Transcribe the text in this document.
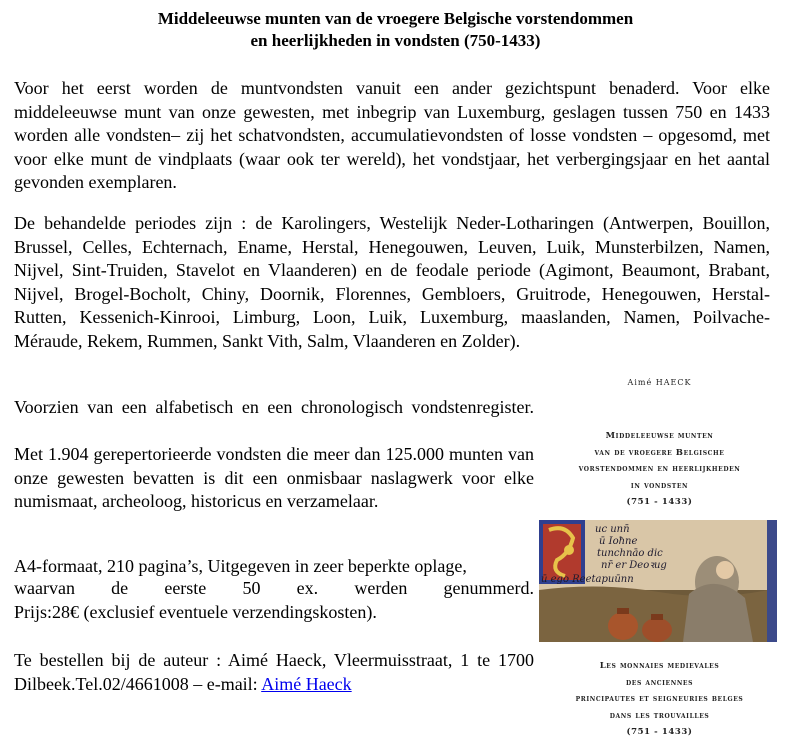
Middeleeuwse munten van de vroegere Belgische vorstendommen
en heerlijkheden in vondsten (750-1433)

Voor het eerst worden de muntvondsten vanuit een ander gezichtspunt benaderd. Voor elke middeleeuwse munt van onze gewesten, met inbegrip van Luxemburg, geslagen tussen 750 en 1433 worden alle vondsten– zij het schatvondsten, accumulatievondsten of losse vondsten – opgesomd, met voor elke munt de vindplaats (waar ook ter wereld), het vondstjaar, het verbergingsjaar en het aantal gevonden exemplaren.

De behandelde periodes zijn : de Karolingers, Westelijk Neder-Lotharingen (Antwerpen, Bouillon, Brussel, Celles, Echternach, Ename, Herstal, Henegouwen, Leuven, Luik, Munsterbilzen, Namen, Nijvel, Sint-Truiden, Stavelot en Vlaanderen) en de feodale periode (Agimont, Beaumont, Brabant, Nijvel, Brogel-Bocholt, Chiny, Doornik, Florennes, Gembloers, Gruitrode, Henegouwen, Herstal-Rutten, Kessenich-Kinrooi, Limburg, Loon, Luik, Luxemburg, maaslanden, Namen, Poilvache-Méraude, Rekem, Rummen, Sankt Vith, Salm, Vlaanderen en Zolder).

Voorzien van een alfabetisch en een chronologisch vondstenregister.

Met 1.904 gerepertorieerde vondsten die meer dan 125.000 munten van onze gewesten bevatten is dit een onmisbaar naslagwerk voor elke numismaat, archeoloog, historicus en verzamelaar.

A4-formaat, 210 pagina’s, Uitgegeven in zeer beperkte oplage,

waarvan de eerste 50 ex. werden genummerd.

Prijs:28€ (exclusief eventuele verzendingskosten).

Te bestellen bij de auteur : Aimé Haeck, Vleermuisstraat, 1 te 1700 Dilbeek.Tel.02/4661008 – e-mail: Aimé Haeck

Aimé HAECK
Middeleeuwse munten
van de vroegere Belgische
vorstendommen en heerlijkheden
in vondsten
(751 - 1433)
uc unn̄
ū Ioħne
tunchnāo dic
nr̄ er Deoꝛug
ū ego Reetapuūnn
Les monnaies medievales
des anciennes
principautes et seigneuries belges
dans les trouvailles
(751 - 1433)
